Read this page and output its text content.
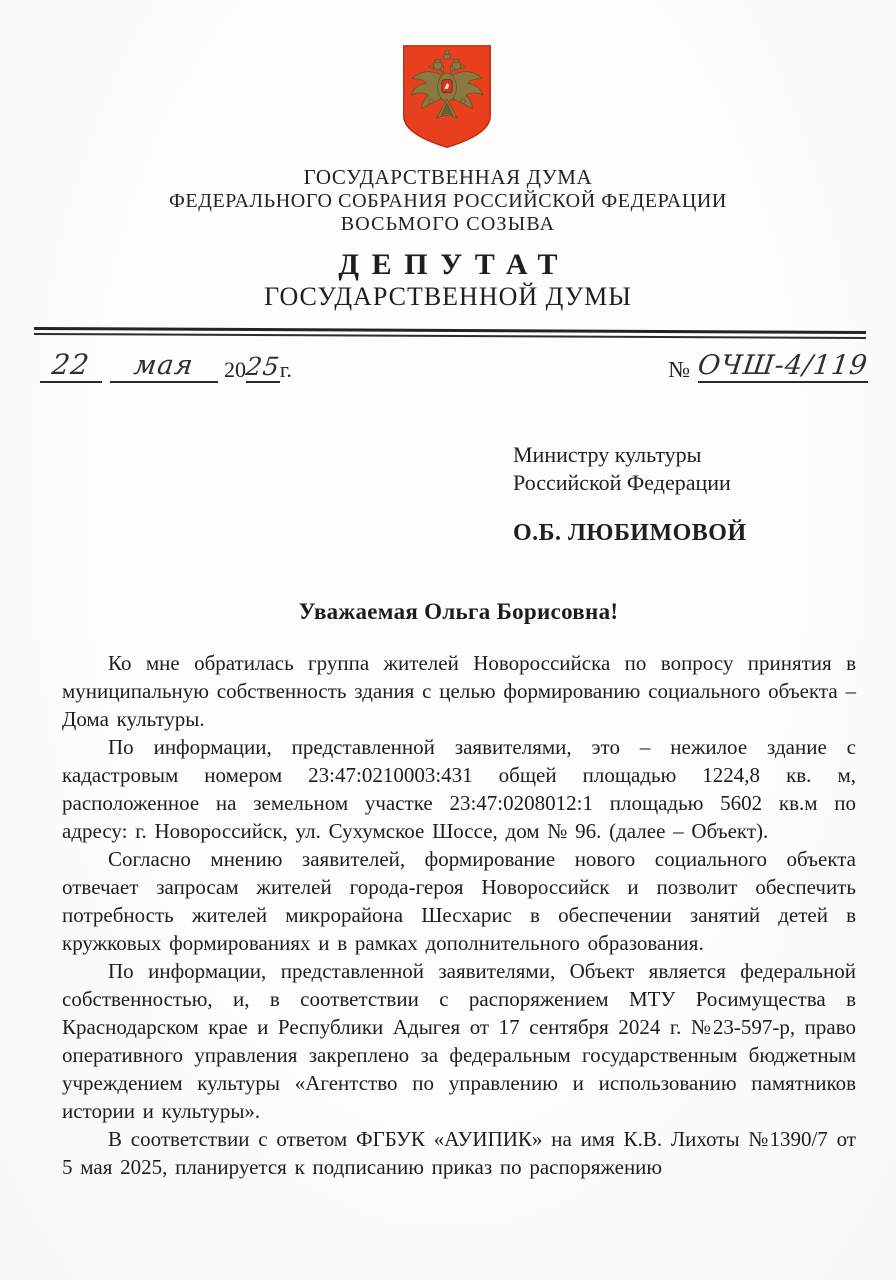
ГОСУДАРСТВЕННАЯ ДУМА
ФЕДЕРАЛЬНОГО СОБРАНИЯ РОССИЙСКОЙ ФЕДЕРАЦИИ
ВОСЬМОГО СОЗЫВА
ДЕПУТАТ
ГОСУДАРСТВЕННОЙ ДУМЫ
22	мая	20
25
г.	№ ОЧШ-4/119
Министру культуры
Российской Федерации
О.Б. ЛЮБИМОВОЙ
Уважаемая Ольга Борисовна!

Ко мне обратилась группа жителей Новороссийска по вопросу принятия в муниципальную собственность здания с целью формированию социального объекта – Дома культуры.

По информации, представленной заявителями, это – нежилое здание с кадастровым номером 23:47:0210003:431 общей площадью 1224,8 кв. м, расположенное на земельном участке 23:47:0208012:1 площадью 5602 кв.м по адресу: г. Новороссийск, ул. Сухумское Шоссе, дом № 96. (далее – Объект).

Согласно мнению заявителей, формирование нового социального объекта отвечает запросам жителей города-героя Новороссийск и позволит обеспечить потребность жителей микрорайона Шесхарис в обеспечении занятий детей в кружковых формированиях и в рамках дополнительного образования.

По информации, представленной заявителями, Объект является федеральной собственностью, и, в соответствии с распоряжением МТУ Росимущества в Краснодарском крае и Республики Адыгея от 17 сентября 2024 г. №23-597-р, право оперативного управления закреплено за федеральным государственным бюджетным учреждением культуры «Агентство по управлению и использованию памятников истории и культуры».

В соответствии с ответом ФГБУК «АУИПИК» на имя К.В. Лихоты №1390/7 от 5 мая 2025, планируется к подписанию приказ по распоряжению
